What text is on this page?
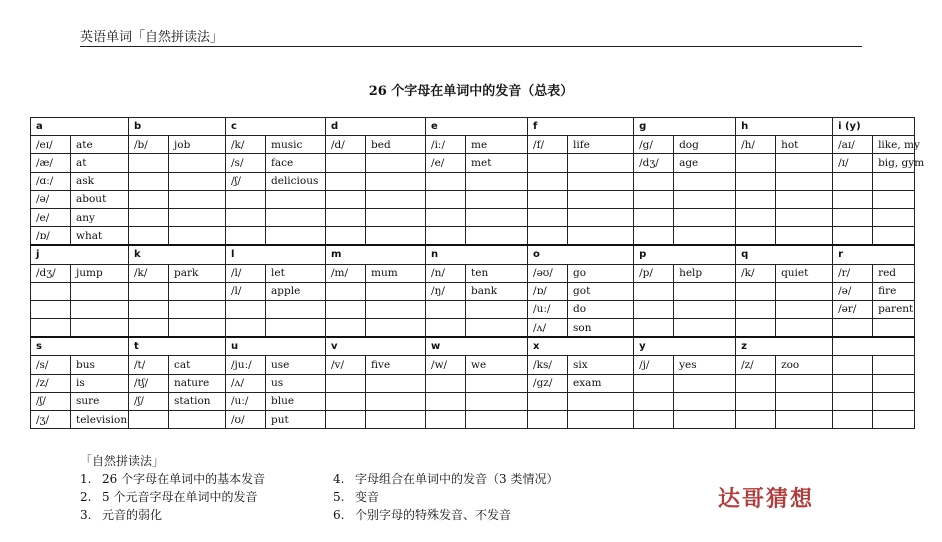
英语单词「自然拼读法」
26 个字母在单词中的发音（总表）
a		b		c		d		e		f		g		h		i (y)	
/eɪ/	ate	/b/	job	/k/	music	/d/	bed	/iː/	me	/f/	life	/g/	dog	/h/	hot	/aɪ/	like, my
/æ/	at			/s/	face			/e/	met			/dʒ/	age			/ɪ/	big, gym
/ɑː/	ask			/ʃ/	delicious												
/ə/	about																
/e/	any																
/ɒ/	what																
j		k		l		m		n		o		p		q		r	
/dʒ/	jump	/k/	park	/l/	let	/m/	mum	/n/	ten	/əʊ/	go	/p/	help	/k/	quiet	/r/	red
				/l/	apple			/ŋ/	bank	/ɒ/	got					/ə/	fire
										/uː/	do					/ər/	parent
										/ʌ/	son						
s		t		u		v		w		x		y		z			
/s/	bus	/t/	cat	/juː/	use	/v/	five	/w/	we	/ks/	six	/j/	yes	/z/	zoo		
/z/	is	/tʃ/	nature	/ʌ/	us					/gz/	exam						
/ʃ/	sure	/ʃ/	station	/uː/	blue												
/ʒ/	television			/ʊ/	put												
「自然拼读法」
1. 26 个字母在单词中的基本发音
2. 5 个元音字母在单词中的发音
3. 元音的弱化
4. 字母组合在单词中的发音（3 类情况）
5. 变音
6. 个别字母的特殊发音、不发音
达哥猜想
